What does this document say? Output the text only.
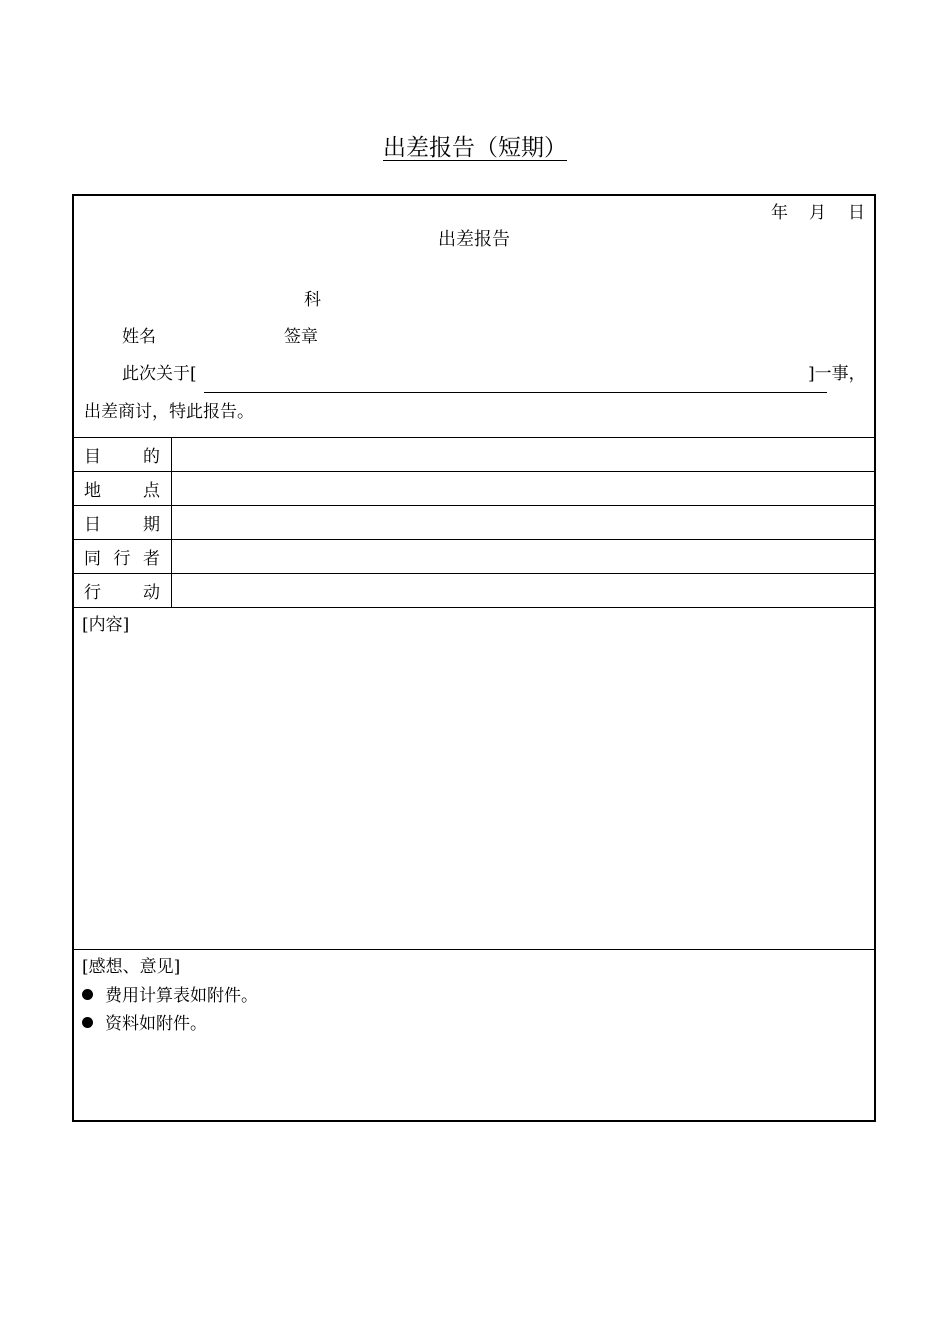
出差报告（短期）
年 月 日
出差报告
科
姓名	签章
此次关于[	]一事，
出差商讨，特此报告。
目 的
地 点
日 期
同 行 者
行 动
[内容]
[感想、意见]
费用计算表如附件。
资料如附件。
